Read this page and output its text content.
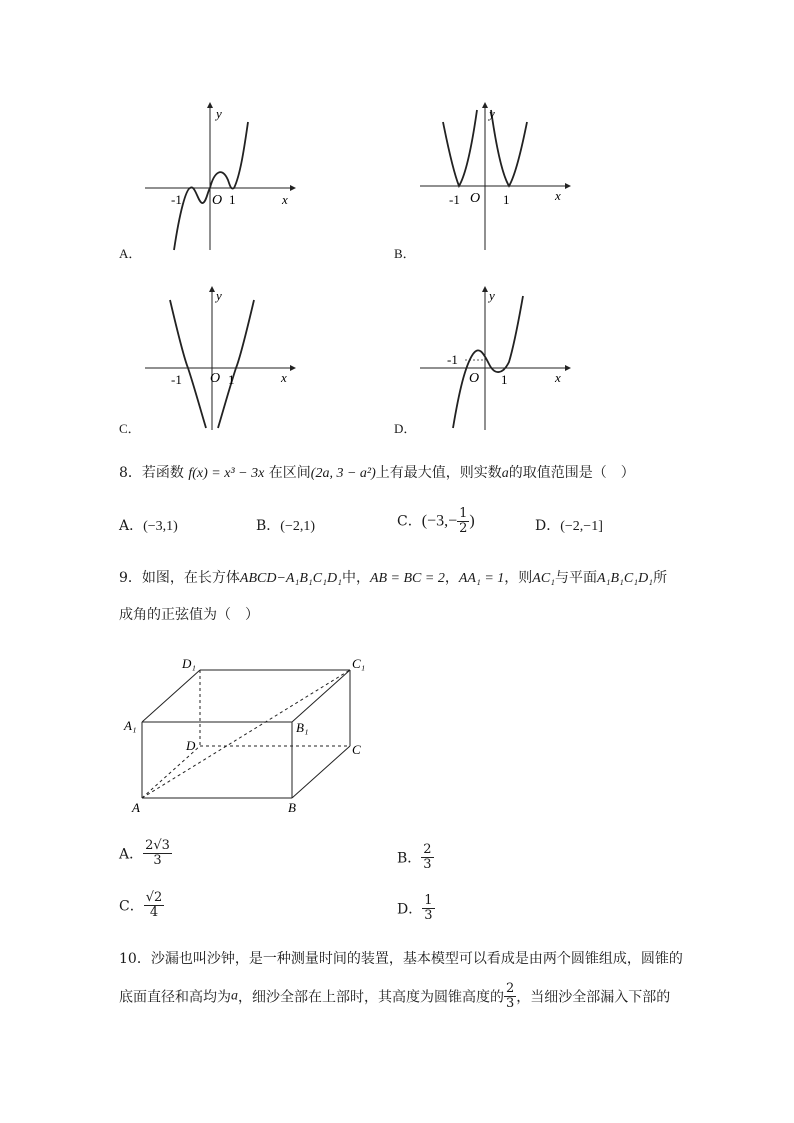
y
x
O
-1	1
A．
y
x
O
-1	1
B．
y
x
O
-1	1
C．
y
x
O
-1
1
D．
8．若函数 f(x) = x³ − 3x 在区间(2a, 3 − a²)上有最大值，则实数a的取值范围是（　）
A．(−3,1)	B．(−2,1)	C．($-3,- \frac{1}{2}$ )	D．(−2,−1]
9．如图，在长方体ABCD−A₁B₁C₁D₁中，AB = BC = 2，AA₁ = 1，则AC₁与平面A₁B₁C₁D₁所
成角的正弦值为（　）
D₁	C₁
A₁	B₁
D	C
A	B
A． $\frac{2√3}{3}$	B． $\frac{2}{3}$
C． $\frac{√2}{4}$	D． $\frac{1}{3}$
10．沙漏也叫沙钟，是一种测量时间的装置，基本模型可以看成是由两个圆锥组成，圆锥的
底面直径和高均为a，细沙全部在上部时，其高度为圆锥高度的 $\frac{2}{3}$ ，当细沙全部漏入下部的
